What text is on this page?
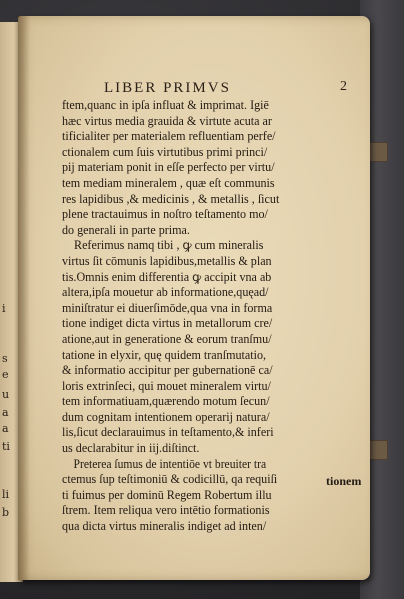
i
s
e
u
a
a
ti
li
b
LIBER PRIMVS	2
ftem,quanc in ipſa influat & imprimat. Igiē
hæc virtus media grauida & virtute acuta ar
tificialiter per materialem refluentiam perfe/
ctionalem cum ſuis virtutibus primi princi/
pij materiam ponit in eſſe perfecto per virtu/
tem mediam mineralem , quæ eſt communis
res lapidibus ,& medicinis , & metallis , ſicut
plene tractauimus in noſtro teſtamento mo/
do generali in parte prima.
Referimus namq tibi , ꝙ cum mineralis
virtus ſit cōmunis lapidibus,metallis & plan
tis.Omnis enim differentia ꝙ accipit vna ab
altera,ipſa mouetur ab informatione,quęad/
miniſtratur ei diuerſimōde,qua vna in forma
tione indiget dicta virtus in metallorum cre/
atione,aut in generatione & eorum tranſmu/
tatione in elyxir, quę quidem tranſmutatio,
& informatio accipitur per gubernationē ca/
loris extrinſeci, qui mouet mineralem virtu/
tem informatiuam,quærendo motum ſecun/
dum cognitam intentionem operarij natura/
lis,ſicut declarauimus in teſtamento,& inferi
us declarabitur in iij.diſtinct.
Preterea ſumus de intentiōe vt breuiter tra
ctemus ſup teſtimoniū & codicillū, qa requiſi
ti fuimus per dominū Regem Robertum illu
ſtrem. Item reliqua vero intētio formationis
qua dicta virtus mineralis indiget ad inten/
tionem
